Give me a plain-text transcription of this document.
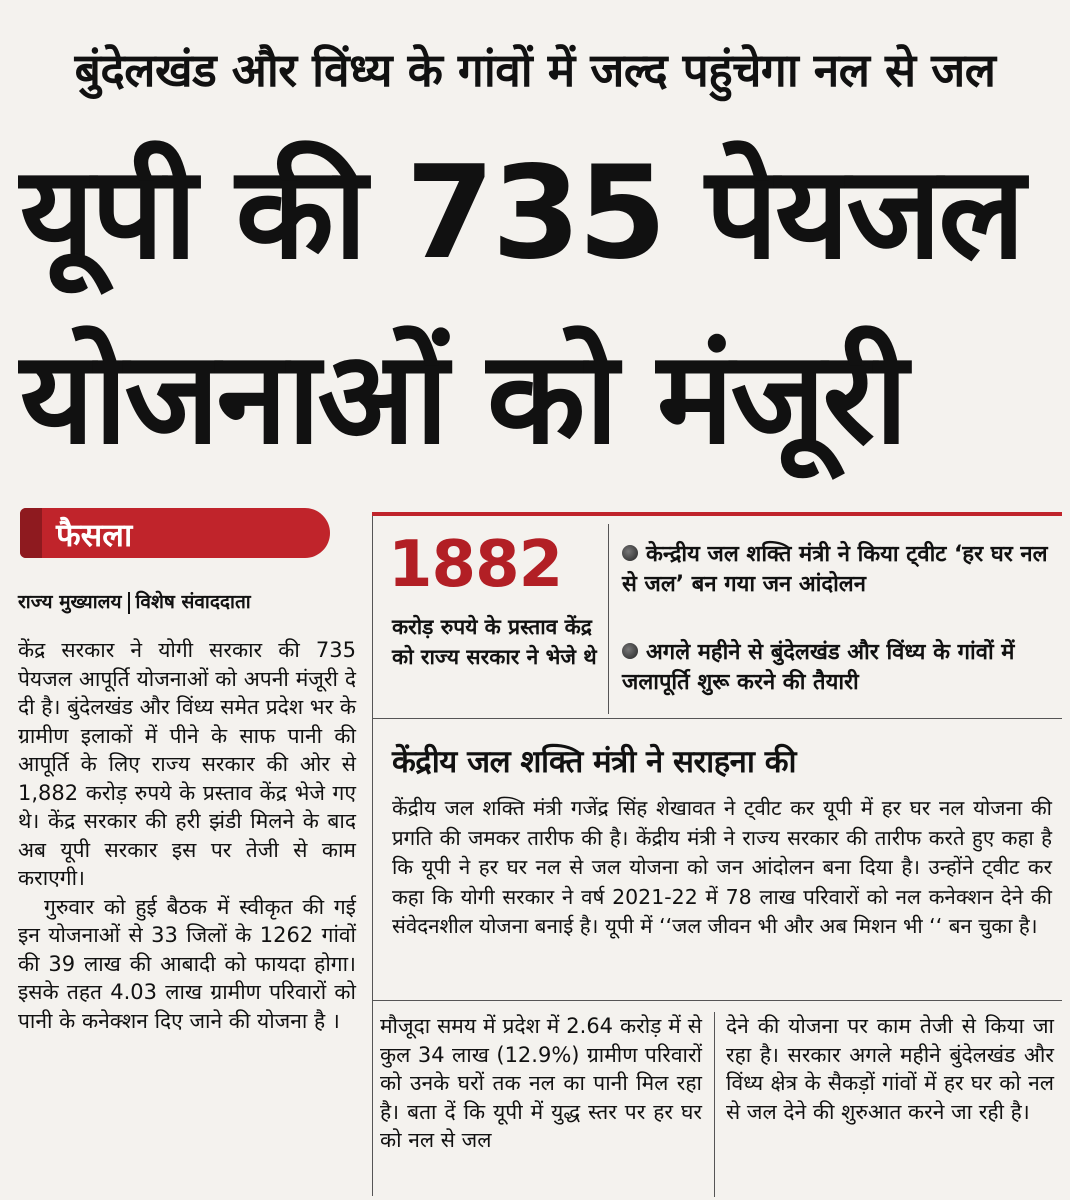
बुंदेलखंड और विंध्य के गांवों में जल्द पहुंचेगा नल से जल
यूपी की 735 पेयजल
योजनाओं को मंजूरी
फैसला
राज्य मुख्यालय विशेष संवाददाता

केंद्र सरकार ने योगी सरकार की 735 पेयजल आपूर्ति योजनाओं को अपनी मंजूरी दे दी है। बुंदेलखंड और विंध्य समेत प्रदेश भर के ग्रामीण इलाकों में पीने के साफ पानी की आपूर्ति के लिए राज्य सरकार की ओर से 1,882 करोड़ रुपये के प्रस्ताव केंद्र भेजे गए थे। केंद्र सरकार की हरी झंडी मिलने के बाद अब यूपी सरकार इस पर तेजी से काम कराएगी।

गुरुवार को हुई बैठक में स्वीकृत की गई इन योजनाओं से 33 जिलों के 1262 गांवों की 39 लाख की आबादी को फायदा होगा। इसके तहत 4.03 लाख ग्रामीण परिवारों को पानी के कनेक्शन दिए जाने की योजना है ।

1882
करोड़ रुपये के प्रस्ताव केंद्र को राज्य सरकार ने भेजे थे
केन्द्रीय जल शक्ति मंत्री ने किया ट्वीट ‘हर घर नल से जल’ बन गया जन आंदोलन
अगले महीने से बुंदेलखंड और विंध्य के गांवों में जलापूर्ति शुरू करने की तैयारी
केंद्रीय जल शक्ति मंत्री ने सराहना की
केंद्रीय जल शक्ति मंत्री गजेंद्र सिंह शेखावत ने ट्वीट कर यूपी में हर घर नल योजना की प्रगति की जमकर तारीफ की है। केंद्रीय मंत्री ने राज्य सरकार की तारीफ करते हुए कहा है कि यूपी ने हर घर नल से जल योजना को जन आंदोलन बना दिया है। उन्होंने ट्वीट कर कहा कि योगी सरकार ने वर्ष 2021-22 में 78 लाख परिवारों को नल कनेक्शन देने की संवेदनशील योजना बनाई है। यूपी में ‘‘जल जीवन भी और अब मिशन भी ‘‘ बन चुका है।
मौजूदा समय में प्रदेश में 2.64 करोड़ में से कुल 34 लाख (12.9%) ग्रामीण परिवारों को उनके घरों तक नल का पानी मिल रहा है। बता दें कि यूपी में युद्ध स्तर पर हर घर को नल से जल
देने की योजना पर काम तेजी से किया जा रहा है। सरकार अगले महीने बुंदेलखंड और विंध्य क्षेत्र के सैकड़ों गांवों में हर घर को नल से जल देने की शुरुआत करने जा रही है।
